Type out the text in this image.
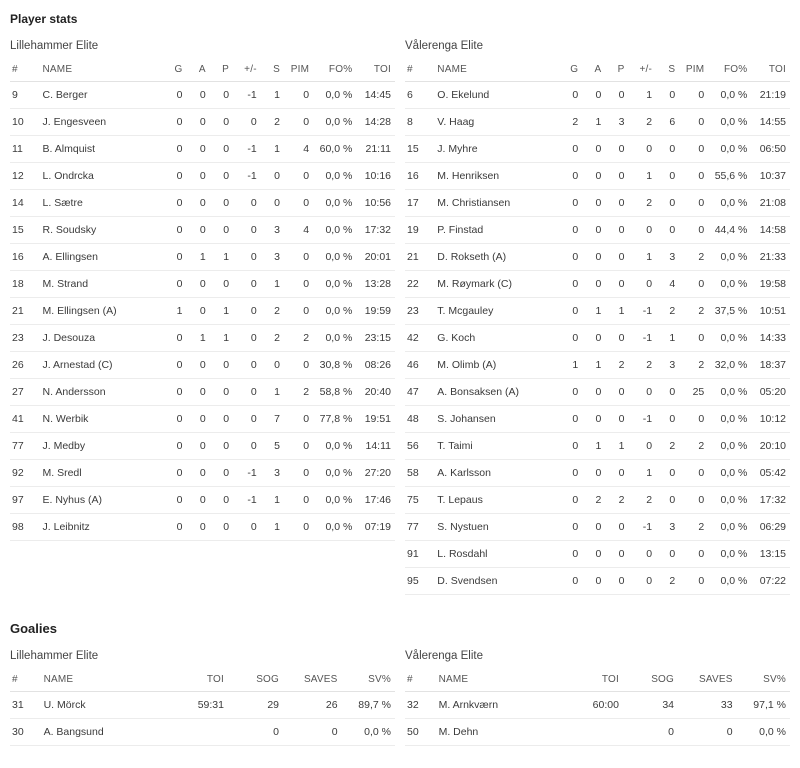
Player stats
Lillehammer Elite
#	NAME	G	A	P	+/-	S	PIM	FO%	TOI
9	C. Berger	0	0	0	-1	1	0	0,0 %	14:45
10	J. Engesveen	0	0	0	0	2	0	0,0 %	14:28
11	B. Almquist	0	0	0	-1	1	4	60,0 %	21:11
12	L. Ondrcka	0	0	0	-1	0	0	0,0 %	10:16
14	L. Sætre	0	0	0	0	0	0	0,0 %	10:56
15	R. Soudsky	0	0	0	0	3	4	0,0 %	17:32
16	A. Ellingsen	0	1	1	0	3	0	0,0 %	20:01
18	M. Strand	0	0	0	0	1	0	0,0 %	13:28
21	M. Ellingsen (A)	1	0	1	0	2	0	0,0 %	19:59
23	J. Desouza	0	1	1	0	2	2	0,0 %	23:15
26	J. Arnestad (C)	0	0	0	0	0	0	30,8 %	08:26
27	N. Andersson	0	0	0	0	1	2	58,8 %	20:40
41	N. Werbik	0	0	0	0	7	0	77,8 %	19:51
77	J. Medby	0	0	0	0	5	0	0,0 %	14:11
92	M. Sredl	0	0	0	-1	3	0	0,0 %	27:20
97	E. Nyhus (A)	0	0	0	-1	1	0	0,0 %	17:46
98	J. Leibnitz	0	0	0	0	1	0	0,0 %	07:19
Vålerenga Elite
#	NAME	G	A	P	+/-	S	PIM	FO%	TOI
6	O. Ekelund	0	0	0	1	0	0	0,0 %	21:19
8	V. Haag	2	1	3	2	6	0	0,0 %	14:55
15	J. Myhre	0	0	0	0	0	0	0,0 %	06:50
16	M. Henriksen	0	0	0	1	0	0	55,6 %	10:37
17	M. Christiansen	0	0	0	2	0	0	0,0 %	21:08
19	P. Finstad	0	0	0	0	0	0	44,4 %	14:58
21	D. Rokseth (A)	0	0	0	1	3	2	0,0 %	21:33
22	M. Røymark (C)	0	0	0	0	4	0	0,0 %	19:58
23	T. Mcgauley	0	1	1	-1	2	2	37,5 %	10:51
42	G. Koch	0	0	0	-1	1	0	0,0 %	14:33
46	M. Olimb (A)	1	1	2	2	3	2	32,0 %	18:37
47	A. Bonsaksen (A)	0	0	0	0	0	25	0,0 %	05:20
48	S. Johansen	0	0	0	-1	0	0	0,0 %	10:12
56	T. Taimi	0	1	1	0	2	2	0,0 %	20:10
58	A. Karlsson	0	0	0	1	0	0	0,0 %	05:42
75	T. Lepaus	0	2	2	2	0	0	0,0 %	17:32
77	S. Nystuen	0	0	0	-1	3	2	0,0 %	06:29
91	L. Rosdahl	0	0	0	0	0	0	0,0 %	13:15
95	D. Svendsen	0	0	0	0	2	0	0,0 %	07:22
Goalies
Lillehammer Elite
#	NAME	TOI	SOG	SAVES	SV%
31	U. Mörck	59:31	29	26	89,7 %
30	A. Bangsund		0	0	0,0 %
Vålerenga Elite
#	NAME	TOI	SOG	SAVES	SV%
32	M. Arnkværn	60:00	34	33	97,1 %
50	M. Dehn		0	0	0,0 %
